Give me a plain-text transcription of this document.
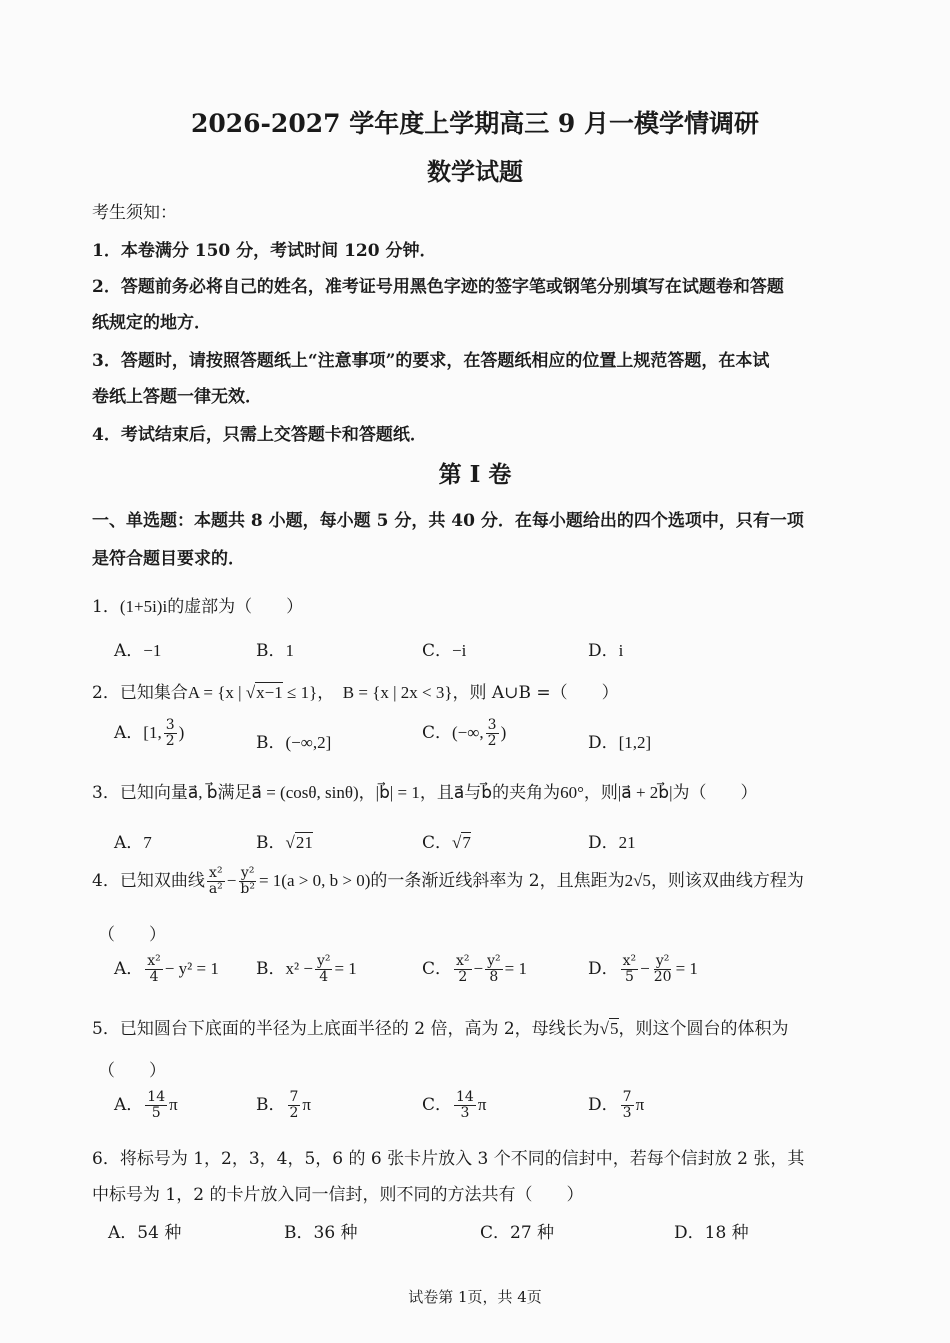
2026-2027 学年度上学期高三 9 月一模学情调研
数学试题
考生须知：
1．本卷满分 150 分，考试时间 120 分钟．
2．答题前务必将自己的姓名，准考证号用黑色字迹的签字笔或钢笔分别填写在试题卷和答题
纸规定的地方．
3．答题时，请按照答题纸上“注意事项”的要求，在答题纸相应的位置上规范答题，在本试
卷纸上答题一律无效．
4．考试结束后，只需上交答题卡和答题纸．
第 I 卷
一、单选题：本题共 8 小题，每小题 5 分，共 40 分．在每小题给出的四个选项中，只有一项
是符合题目要求的．
1．(1+5i)i的虚部为（　　）
A．−1	B．1	C．−i	D．i
2．已知集合A = {x | √x−1 ≤ 1}，　B = {x | 2x < 3}，则 A∪B =（　　）
A．[1, $\frac{3}{2}$ )
B．(−∞,2]	C．(−∞, $\frac{3}{2}$ )
D．[1,2]
3．已知向量a⃗, b⃗满足a⃗ = (cosθ, sinθ)，|b⃗| = 1，且a⃗与b⃗的夹角为60°，则|a⃗ + 2b⃗|为（　　）
A．7	B．√21	C．√7	D．21
4．已知双曲线 $\frac{\text{x²}}{\text{a²}} - \frac{\text{y²}}{\text{b²}} = 1(a > 0$, b > 0)的一条渐近线斜率为 2，且焦距为2√5，则该双曲线方程为
（　　）
A． $\frac{\text{x²}}{4} - y^2 = 1$ B．$x^2 - \frac{\text{y²}}{4} = 1$	C． $\frac{\text{x²}}{2} - \frac{\text{y²}}{8} = 1$	D． $\frac{\text{x²}}{5} - \frac{\text{y²}}{20} = 1$
5．已知圆台下底面的半径为上底面半径的 2 倍，高为 2，母线长为√5，则这个圆台的体积为
（　　）
A． $\frac{14}{5}$ π	B． $\frac{7}{2}$ π	C． $\frac{14}{3}$ π	D． $\frac{7}{3}$ π
6．将标号为 1，2，3，4，5，6 的 6 张卡片放入 3 个不同的信封中，若每个信封放 2 张，其
中标号为 1，2 的卡片放入同一信封，则不同的方法共有（　　）
A．54 种	B．36 种	C．27 种	D．18 种
试卷第 1页，共 4页
